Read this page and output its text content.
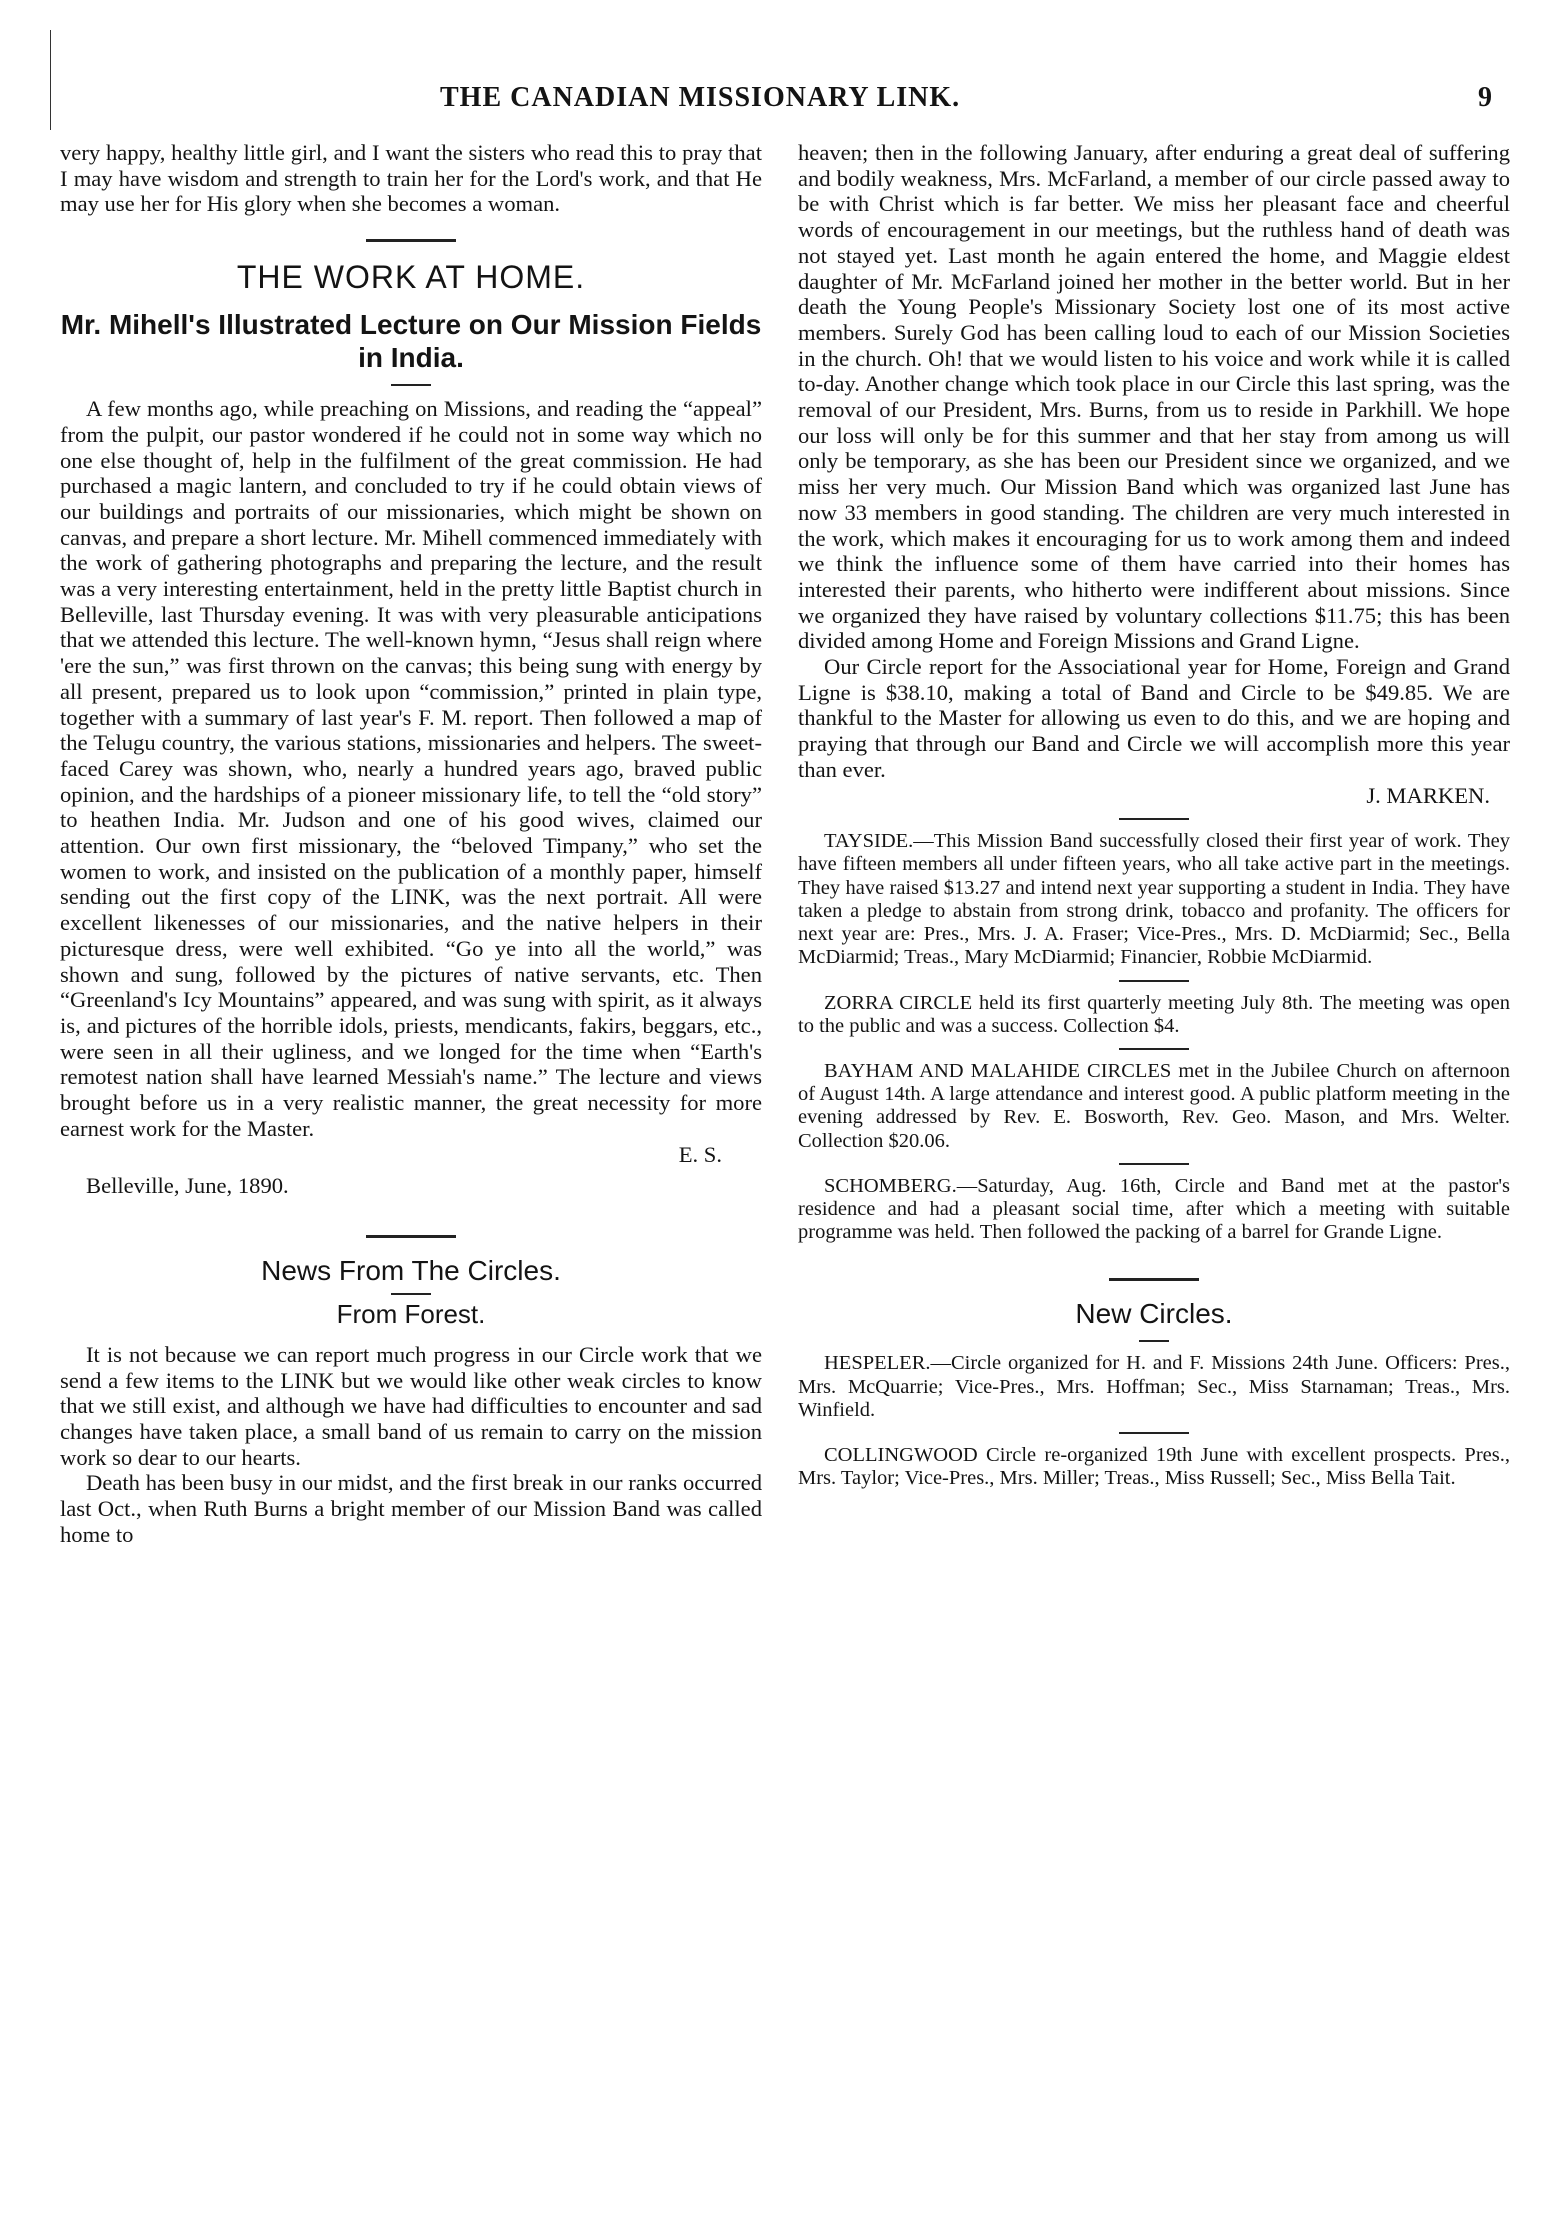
THE CANADIAN MISSIONARY LINK.	9

very happy, healthy little girl, and I want the sisters who read this to pray that I may have wisdom and strength to train her for the Lord's work, and that He may use her for His glory when she becomes a woman.

THE WORK AT HOME.
Mr. Mihell's Illustrated Lecture on Our Mission Fields in India.

A few months ago, while preaching on Missions, and reading the “appeal” from the pulpit, our pastor wondered if he could not in some way which no one else thought of, help in the fulfilment of the great commission. He had purchased a magic lantern, and concluded to try if he could obtain views of our buildings and portraits of our missionaries, which might be shown on canvas, and prepare a short lecture. Mr. Mihell commenced immediately with the work of gathering photographs and preparing the lecture, and the result was a very interesting entertainment, held in the pretty little Baptist church in Belleville, last Thursday evening. It was with very pleasurable anticipations that we attended this lecture. The well-known hymn, “Jesus shall reign where 'ere the sun,” was first thrown on the canvas; this being sung with energy by all present, prepared us to look upon “commission,” printed in plain type, together with a summary of last year's F. M. report. Then followed a map of the Telugu country, the various stations, missionaries and helpers. The sweet-faced Carey was shown, who, nearly a hundred years ago, braved public opinion, and the hardships of a pioneer missionary life, to tell the “old story” to heathen India. Mr. Judson and one of his good wives, claimed our attention. Our own first missionary, the “beloved Timpany,” who set the women to work, and insisted on the publication of a monthly paper, himself sending out the first copy of the LINK, was the next portrait. All were excellent likenesses of our missionaries, and the native helpers in their picturesque dress, were well exhibited. “Go ye into all the world,” was shown and sung, followed by the pictures of native servants, etc. Then “Greenland's Icy Mountains” appeared, and was sung with spirit, as it always is, and pictures of the horrible idols, priests, mendicants, fakirs, beggars, etc., were seen in all their ugliness, and we longed for the time when “Earth's remotest nation shall have learned Messiah's name.” The lecture and views brought before us in a very realistic manner, the great necessity for more earnest work for the Master.

E. S.
Belleville, June, 1890.
News From The Circles.
From Forest.

It is not because we can report much progress in our Circle work that we send a few items to the LINK but we would like other weak circles to know that we still exist, and although we have had difficulties to encounter and sad changes have taken place, a small band of us remain to carry on the mission work so dear to our hearts.

Death has been busy in our midst, and the first break in our ranks occurred last Oct., when Ruth Burns a bright member of our Mission Band was called home to

heaven; then in the following January, after enduring a great deal of suffering and bodily weakness, Mrs. McFarland, a member of our circle passed away to be with Christ which is far better. We miss her pleasant face and cheerful words of encouragement in our meetings, but the ruthless hand of death was not stayed yet. Last month he again entered the home, and Maggie eldest daughter of Mr. McFarland joined her mother in the better world. But in her death the Young People's Missionary Society lost one of its most active members. Surely God has been calling loud to each of our Mission Societies in the church. Oh! that we would listen to his voice and work while it is called to-day. Another change which took place in our Circle this last spring, was the removal of our President, Mrs. Burns, from us to reside in Parkhill. We hope our loss will only be for this summer and that her stay from among us will only be temporary, as she has been our President since we organized, and we miss her very much. Our Mission Band which was organized last June has now 33 members in good standing. The children are very much interested in the work, which makes it encouraging for us to work among them and indeed we think the influence some of them have carried into their homes has interested their parents, who hitherto were indifferent about missions. Since we organized they have raised by voluntary collections $11.75; this has been divided among Home and Foreign Missions and Grand Ligne.

Our Circle report for the Associational year for Home, Foreign and Grand Ligne is $38.10, making a total of Band and Circle to be $49.85. We are thankful to the Master for allowing us even to do this, and we are hoping and praying that through our Band and Circle we will accomplish more this year than ever.

J. MARKEN.

TAYSIDE.—This Mission Band successfully closed their first year of work. They have fifteen members all under fifteen years, who all take active part in the meetings. They have raised $13.27 and intend next year supporting a student in India. They have taken a pledge to abstain from strong drink, tobacco and profanity. The officers for next year are: Pres., Mrs. J. A. Fraser; Vice-Pres., Mrs. D. McDiarmid; Sec., Bella McDiarmid; Treas., Mary McDiarmid; Financier, Robbie McDiarmid.

ZORRA CIRCLE held its first quarterly meeting July 8th. The meeting was open to the public and was a success. Collection $4.

BAYHAM AND MALAHIDE CIRCLES met in the Jubilee Church on afternoon of August 14th. A large attendance and interest good. A public platform meeting in the evening addressed by Rev. E. Bosworth, Rev. Geo. Mason, and Mrs. Welter. Collection $20.06.

SCHOMBERG.—Saturday, Aug. 16th, Circle and Band met at the pastor's residence and had a pleasant social time, after which a meeting with suitable programme was held. Then followed the packing of a barrel for Grande Ligne.

New Circles.

HESPELER.—Circle organized for H. and F. Missions 24th June. Officers: Pres., Mrs. McQuarrie; Vice-Pres., Mrs. Hoffman; Sec., Miss Starnaman; Treas., Mrs. Winfield.

COLLINGWOOD Circle re-organized 19th June with excellent prospects. Pres., Mrs. Taylor; Vice-Pres., Mrs. Miller; Treas., Miss Russell; Sec., Miss Bella Tait.
